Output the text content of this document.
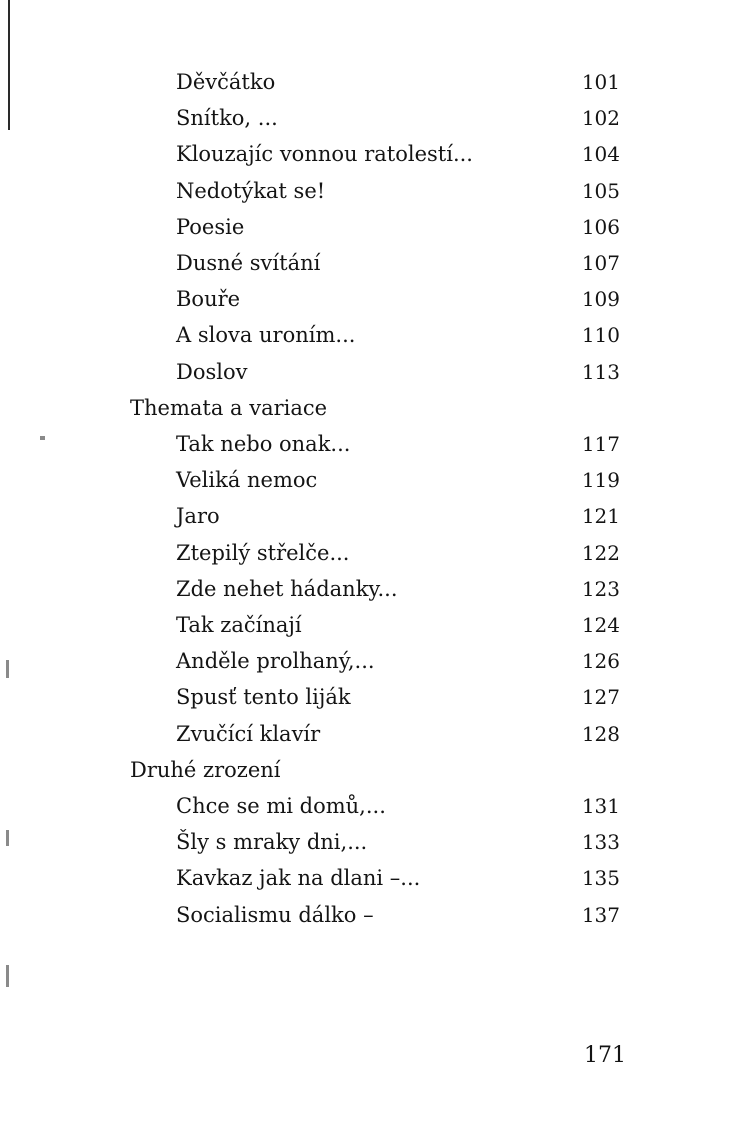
Děvčátko	101
Snítko, ...	102
Klouzajíc vonnou ratolestí...	104
Nedotýkat se!	105
Poesie	106
Dusné svítání	107
Bouře	109
A slova uroním...	110
Doslov	113
Themata a variace
Tak nebo onak...	117
Veliká nemoc	119
Jaro	121
Ztepilý střelče...	122
Zde nehet hádanky...	123
Tak začínají	124
Anděle prolhaný,...	126
Spusť tento liják	127
Zvučící klavír	128
Druhé zrození
Chce se mi domů,...	131
Šly s mraky dni,...	133
Kavkaz jak na dlani –...	135
Socialismu dálko –	137
171
